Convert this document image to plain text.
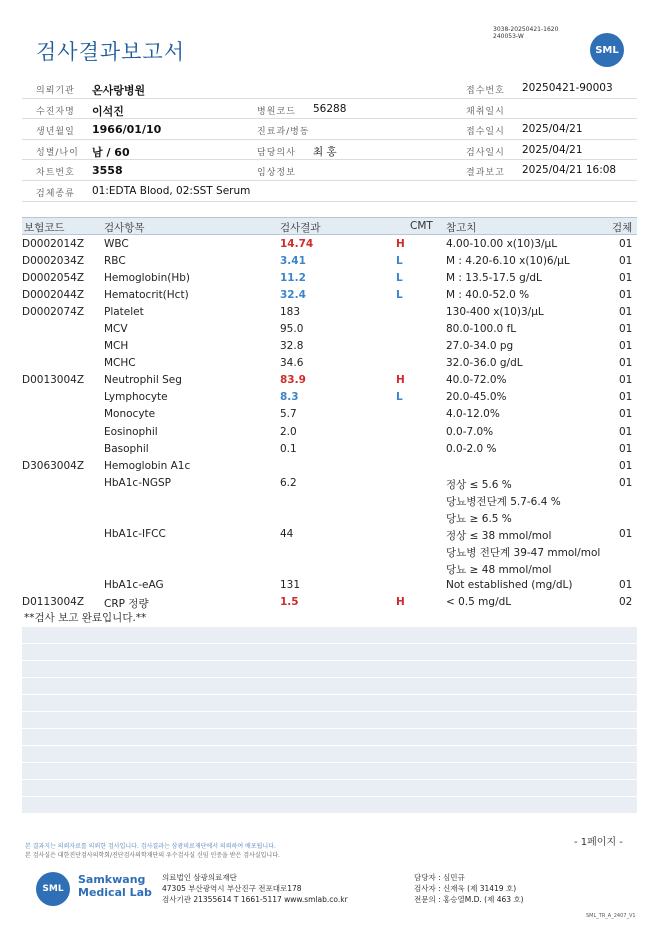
검사결과보고서
3038-20250421-1620
240053-W
SML
의뢰기관 온사랑병원	접수번호 20250421-90003
수진자명 이석진	병원코드 56288	채취일시
생년월일 1966/01/10	진료과/병동	접수일시 2025/04/21
성별/나이 남 / 60	담당의사 최 홍	검사일시 2025/04/21
차트번호 3558	임상정보	결과보고 2025/04/21 16:08
검체종류 01:EDTA Blood, 02:SST Serum
보험코드	검사항목	검사결과	CMT 참고치	검체
D0002014Z WBC	14.74	H	4.00-10.00 x(10)3/μL	01
D0002034Z RBC	3.41	L	M : 4.20-6.10 x(10)6/μL	01
D0002054Z Hemoglobin(Hb)	11.2	L	M : 13.5-17.5 g/dL	01
D0002044Z Hematocrit(Hct)	32.4	L	M : 40.0-52.0 %	01
D0002074Z Platelet	183	130-400 x(10)3/μL	01
MCV	95.0	80.0-100.0 fL	01
MCH	32.8	27.0-34.0 pg	01
MCHC	34.6	32.0-36.0 g/dL	01
D0013004Z Neutrophil Seg	83.9	H	40.0-72.0%	01
Lymphocyte	8.3	L	20.0-45.0%	01
Monocyte	5.7	4.0-12.0%	01
Eosinophil	2.0	0.0-7.0%	01
Basophil	0.1	0.0-2.0 %	01
D3063004Z Hemoglobin A1c	01
HbA1c-NGSP	6.2	정상 ≤ 5.6 %	01
당뇨병전단계 5.7-6.4 %
당뇨 ≥ 6.5 %
HbA1c-IFCC	44	정상 ≤ 38 mmol/mol	01
당뇨병 전단계 39-47 mmol/mol
당뇨 ≥ 48 mmol/mol
HbA1c-eAG	131	Not established (mg/dL)	01
D0113004Z CRP 정량	1.5	H	< 0.5 mg/dL	02
**검사 보고 완료입니다.**
본 결과지는 의뢰자료를 의뢰한 검사입니다. 검사결과는 삼광의료재단에서 의뢰하여 배포됩니다.
본 검사실은 대한진단검사의학회/진단검사의학재단의 우수검사실 신임 인증을 받은 검사실입니다.
- 1페이지 -
SML
Samkwang
Medical Lab
의료법인 삼광의료재단
47305 부산광역시 부산진구 전포대로178
검사기관 21355614 T 1661-5117 www.smlab.co.kr
담당자 : 심민규
검사자 : 신재욱 (제 31419 호)
전문의 : 홍승열M.D. (제 463 호)
SML_TR_A_2407_V1
